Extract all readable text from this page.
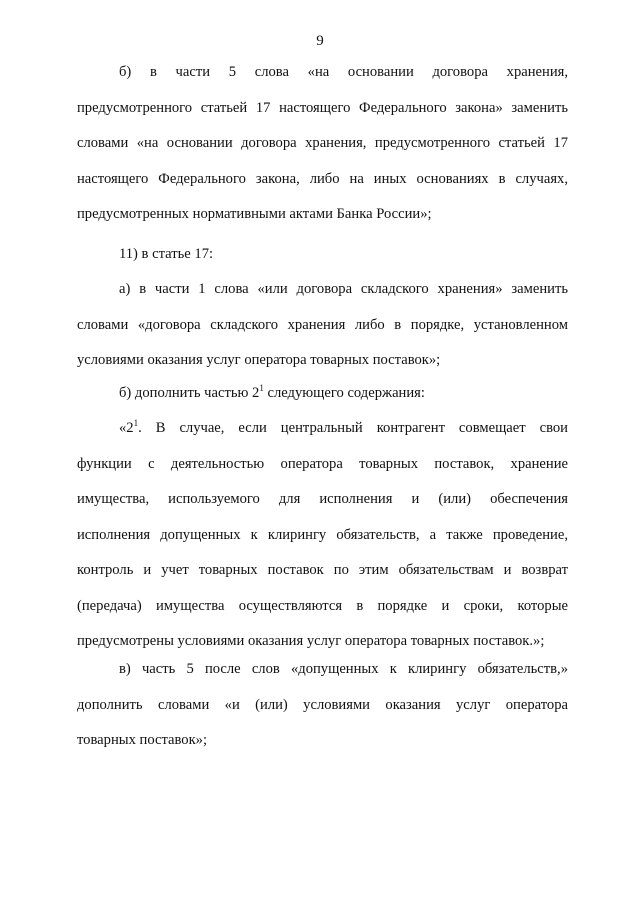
9
б) в части 5 слова «на основании договора хранения,
предусмотренного статьей 17 настоящего Федерального закона» заменить
словами «на основании договора хранения, предусмотренного статьей 17
настоящего Федерального закона, либо на иных основаниях в случаях,
предусмотренных нормативными актами Банка России»;
11) в статье 17:
а) в части 1 слова «или договора складского хранения» заменить
словами «договора складского хранения либо в порядке, установленном
условиями оказания услуг оператора товарных поставок»;
б) дополнить частью $2^1$ следующего содержания:
«$2^1$. В случае, если центральный контрагент совмещает свои
функции с деятельностью оператора товарных поставок, хранение
имущества, используемого для исполнения и (или) обеспечения
исполнения допущенных к клирингу обязательств, а также проведение,
контроль и учет товарных поставок по этим обязательствам и возврат
(передача) имущества осуществляются в порядке и сроки, которые
предусмотрены условиями оказания услуг оператора товарных поставок.»;
в) часть 5 после слов «допущенных к клирингу обязательств,»
дополнить словами «и (или) условиями оказания услуг оператора
товарных поставок»;
